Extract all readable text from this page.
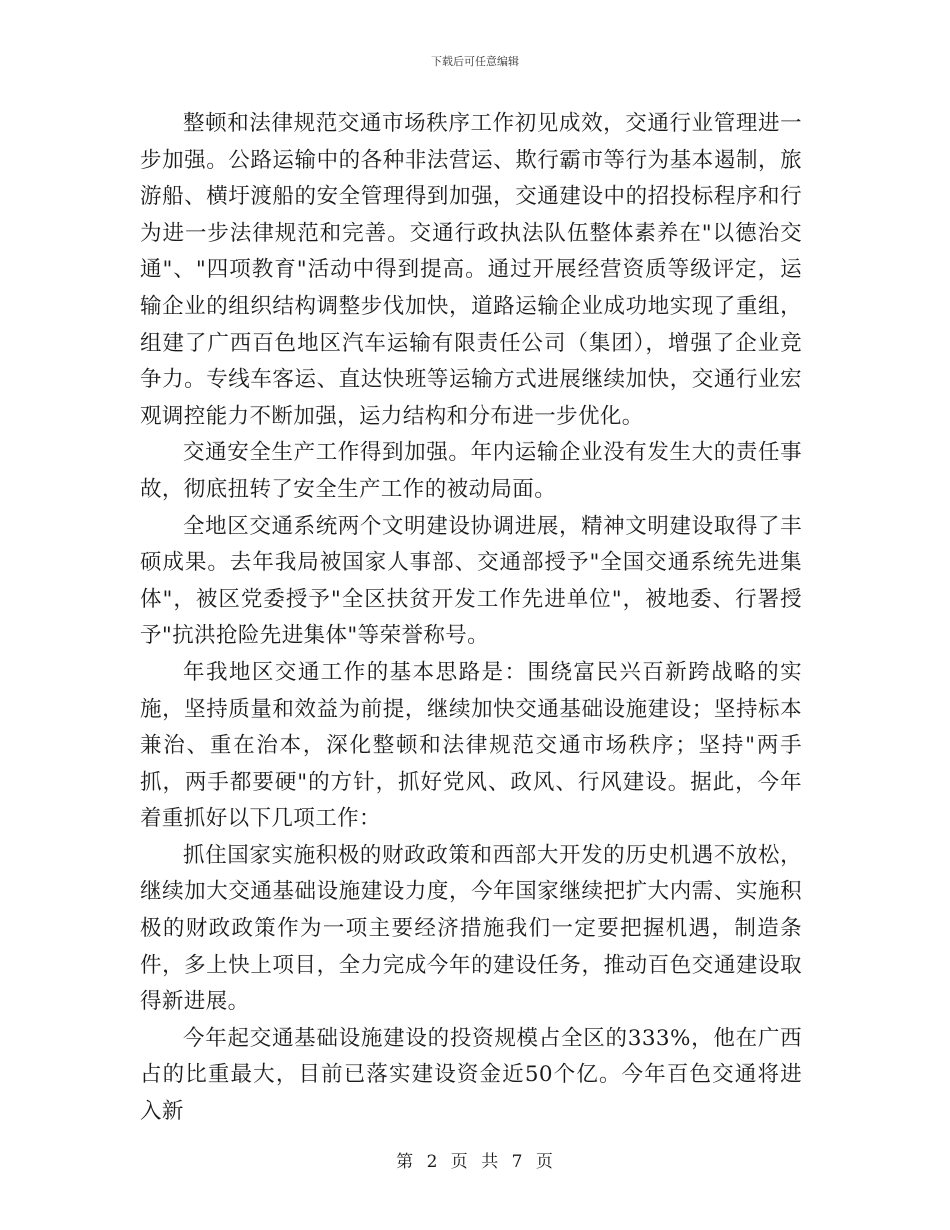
下载后可任意编辑

整顿和法律规范交通市场秩序工作初见成效，交通行业管理进一步加强。公路运输中的各种非法营运、欺行霸市等行为基本遏制，旅游船、横圩渡船的安全管理得到加强，交通建设中的招投标程序和行为进一步法律规范和完善。交通行政执法队伍整体素养在"以德治交通"、"四项教育"活动中得到提高。通过开展经营资质等级评定，运输企业的组织结构调整步伐加快，道路运输企业成功地实现了重组，组建了广西百色地区汽车运输有限责任公司（集团），增强了企业竞争力。专线车客运、直达快班等运输方式进展继续加快，交通行业宏观调控能力不断加强，运力结构和分布进一步优化。

交通安全生产工作得到加强。年内运输企业没有发生大的责任事故，彻底扭转了安全生产工作的被动局面。

全地区交通系统两个文明建设协调进展，精神文明建设取得了丰硕成果。去年我局被国家人事部、交通部授予"全国交通系统先进集体"，被区党委授予"全区扶贫开发工作先进单位"，被地委、行署授予"抗洪抢险先进集体"等荣誉称号。

年我地区交通工作的基本思路是：围绕富民兴百新跨战略的实施，坚持质量和效益为前提，继续加快交通基础设施建设；坚持标本兼治、重在治本，深化整顿和法律规范交通市场秩序；坚持"两手抓，两手都要硬"的方针，抓好党风、政风、行风建设。据此，今年着重抓好以下几项工作：

抓住国家实施积极的财政政策和西部大开发的历史机遇不放松，继续加大交通基础设施建设力度，今年国家继续把扩大内需、实施积极的财政政策作为一项主要经济措施我们一定要把握机遇，制造条件，多上快上项目，全力完成今年的建设任务，推动百色交通建设取得新进展。

今年起交通基础设施建设的投资规模占全区的333%，他在广西占的比重最大，目前已落实建设资金近50个亿。今年百色交通将进入新

第 2 页 共 7 页
